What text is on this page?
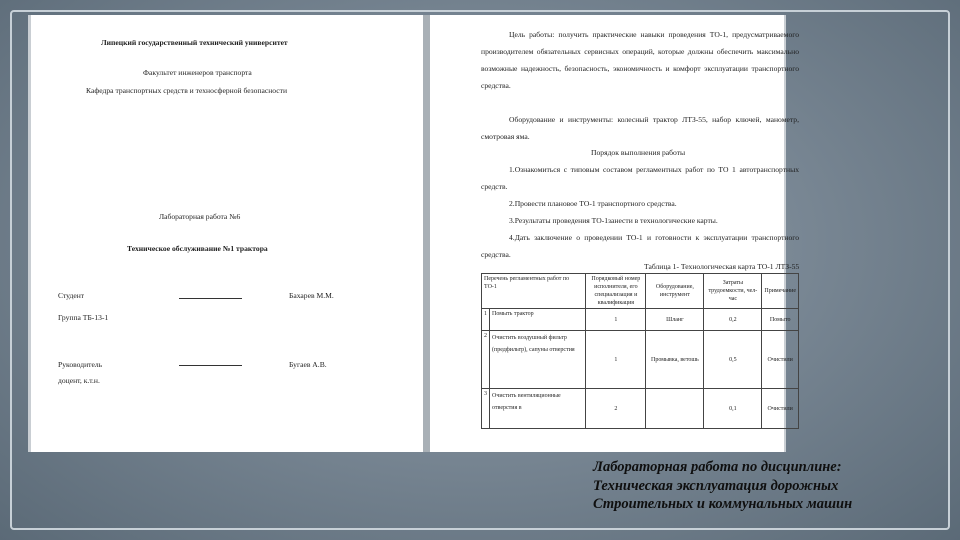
Липецкий государственный технический университет
Факультет инженеров транспорта
Кафедра транспортных средств и техносферной безопасности
Лабораторная работа №6
Техническое обслуживание №1 трактора
Студент	Бахарев М.М.
Группа ТБ-13-1
Руководитель	Бугаев А.В.
доцент, к.т.н.
Цель работы: получить практические навыки проведения ТО-1, предусматриваемого производителем обязательных сервисных операций, которые должны обеспечить максимально возможные надежность, безопасность, экономичность и комфорт эксплуатации транспортного средства.
Оборудование и инструменты: колесный трактор ЛТЗ-55, набор ключей, манометр, смотровая яма.
Порядок выполнения работы
1.Ознакомиться с типовым составом регламентных работ по ТО 1 автотранспортных средств.
2.Провести плановое ТО-1 транспортного средства.
3.Результаты проведения ТО-1занести в технологические карты.
4.Дать заключение о проведении ТО-1 и готовности к эксплуатации транспортного средства.
Таблица 1- Технологическая карта ТО-1 ЛТЗ-55
Перечень регламентных работ по ТО-1		Порядковый номер исполнителя, его специализация и квалификация	Оборудование, инструмент	Затраты трудоемкости, чел-час	Примечание
1	Помыть трактор	1	Шланг	0,2	Помыто
2	Очистить воздушный фильтр (предфильтр), сапуны отверстия	1	Промывка, ветошь	0,5	Очистили
3	Очистить вентиляционные отверстия в	2		0,1	Очистили
Лабораторная работа по дисциплине:
Техническая эксплуатация дорожных
Строительных и коммунальных машин
